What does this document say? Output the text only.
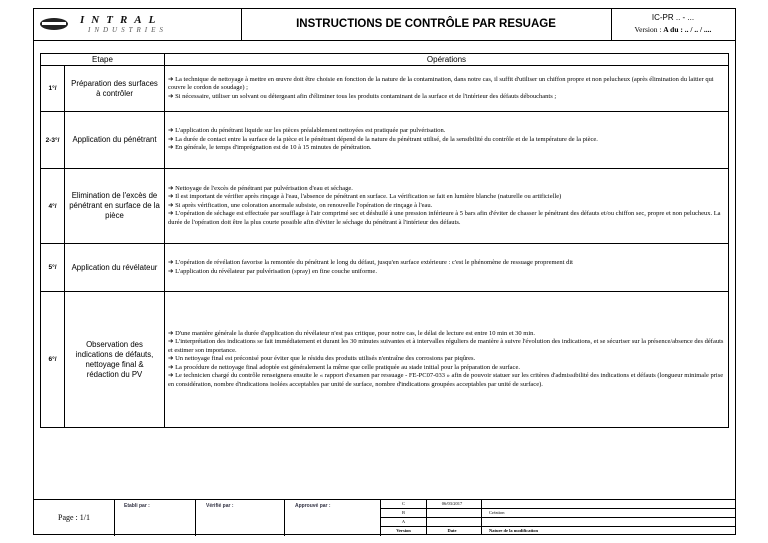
INTRAL
INDUSTRIES	INSTRUCTIONS DE CONTRÔLE PAR RESUAGE
IC-PR .. - ...
Version : A du : .. / .. / ....
Etape		Opérations
1°/	Préparation des surfaces à contrôler	➔ La technique de nettoyage à mettre en œuvre doit être choisie en fonction de la nature de la contamination, dans notre cas, il suffit d'utiliser un chiffon propre et non pelucheux (après élimination du laitier qui couvre le cordon de soudage) ;
➔ Si nécessaire, utiliser un solvant ou détergeant afin d'éliminer tous les produits contaminant de la surface et de l'intérieur des défauts débouchants ;

2-3°/	Application du pénétrant	➔ L'application du pénétrant liquide sur les pièces préalablement nettoyées est pratiquée par pulvérisation.
➔ La durée de contact entre la surface de la pièce et le pénétrant dépend de la nature du pénétrant utilisé, de la sensibilité du contrôle et de la température de la pièce.
➔ En générale, le temps d'imprégnation est de 10 à 15 minutes de pénétration.

4°/	Elimination de l'excès de pénétrant en surface de la pièce	➔ Nettoyage de l'excès de pénétrant par pulvérisation d'eau et séchage.
➔ Il est important de vérifier après rinçage à l'eau, l'absence de pénétrant en surface. La vérification se fait en lumière blanche (naturelle ou artificielle)
➔ Si après vérification, une coloration anormale subsiste, on renouvelle l'opération de rinçage à l'eau.
➔ L'opération de séchage est effectuée par soufflage à l'air comprimé sec et déshuilé à une pression inférieure à 5 bars afin d'éviter de chasser le pénétrant des défauts et/ou chiffon sec, propre et non pelucheux. La durée de l'opération doit être la plus courte possible afin d'éviter le séchage du pénétrant à l'intérieur des défauts.

5°/	Application du révélateur	➔ L'opération de révélation favorise la remontée du pénétrant le long du défaut, jusqu'en surface extérieure : c'est le phénomène de ressuage proprement dit
➔ L'application du révélateur par pulvérisation (spray) en fine couche uniforme.

6°/	Observation des indications de défauts, nettoyage final & rédaction du PV	➔ D'une manière générale la durée d'application du révélateur n'est pas critique, pour notre cas, le délai de lecture est entre 10 min et 30 min.
➔ L'interprétation des indications se fait immédiatement et durant les 30 minutes suivantes et à intervalles réguliers de manière à suivre l'évolution des indications, et se sécuriser sur la présence/absence des défauts et estimer son importance.
➔ Un nettoyage final est préconisé pour éviter que le résidu des produits utilisés n'entraîne des corrosions par piqûres.
➔ La procédure de nettoyage final adoptée est généralement la même que celle pratiquée au stade initial pour la préparation de surface.
➔ Le technicien chargé du contrôle renseignera ensuite le « rapport d'examen par ressuage - FE-PC07-033 » afin de pouvoir statuer sur les critères d'admissibilité des indications et défauts (longueur minimale prise en considération, nombre d'indications isolées acceptables par unité de surface, nombre d'indications groupées acceptables par unité de surface).
Page : 1/1
Etabli par :	Vérifié par :	Approuvé par :	C	06/03/2017
B	Création
A
Version	Date	Nature de la modification
